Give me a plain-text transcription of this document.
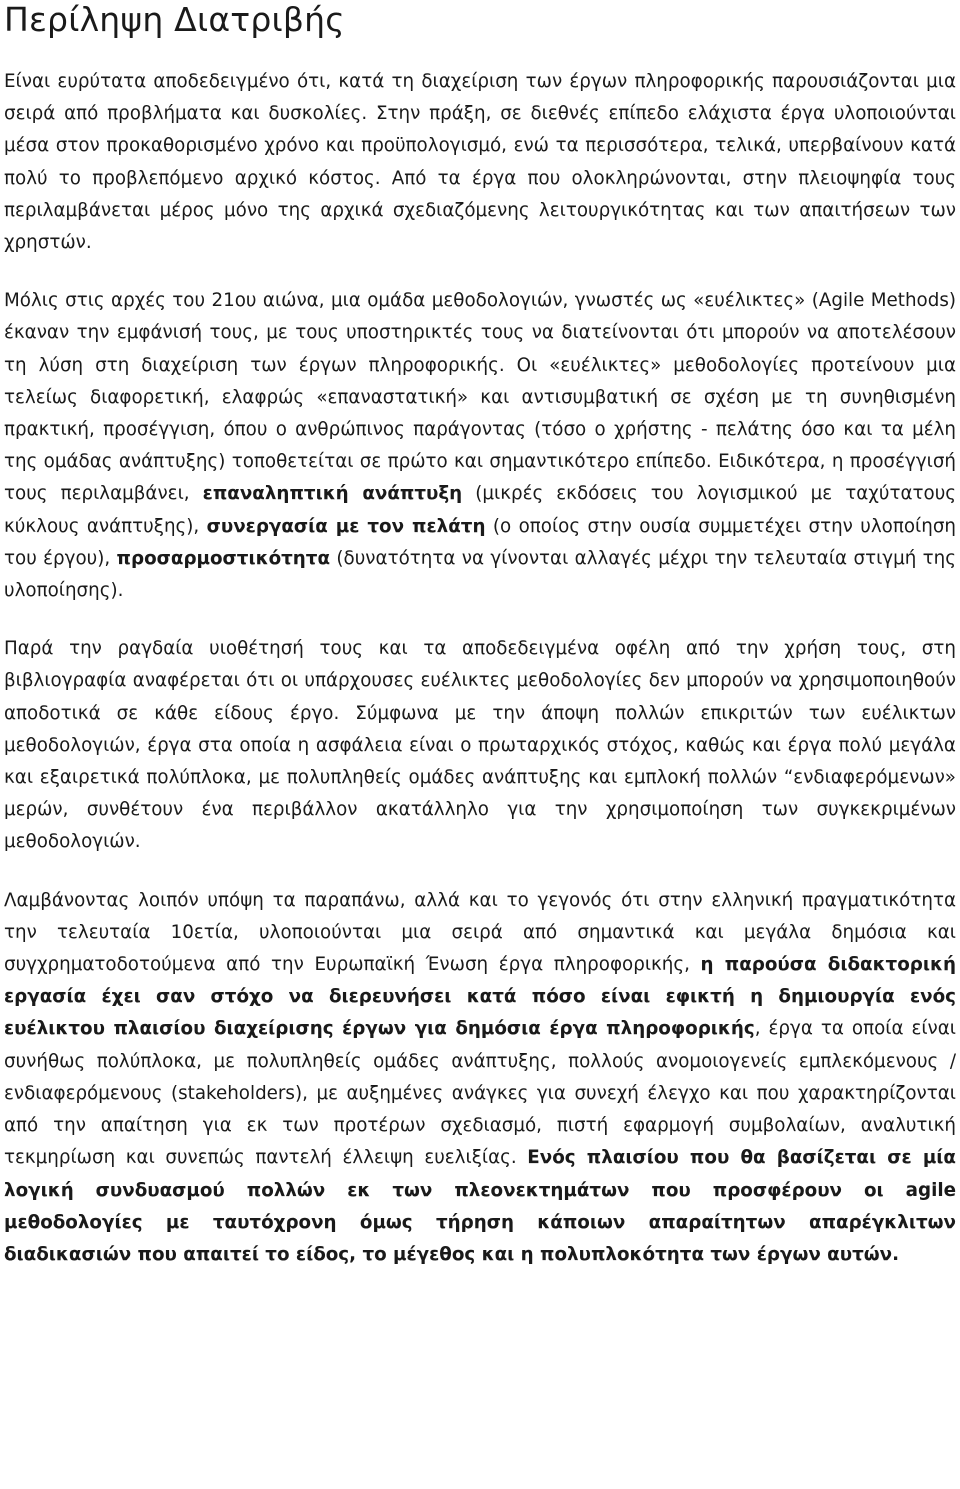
Περίληψη Διατριβής

Είναι ευρύτατα αποδεδειγμένο ότι, κατά τη διαχείριση των έργων πληροφορικής παρουσιάζονται μια σειρά από προβλήματα και δυσκολίες. Στην πράξη, σε διεθνές επίπεδο ελάχιστα έργα υλοποιούνται μέσα στον προκαθορισμένο χρόνο και προϋπολογισμό, ενώ τα περισσότερα, τελικά, υπερβαίνουν κατά πολύ το προβλεπόμενο αρχικό κόστος. Από τα έργα που ολοκληρώνονται, στην πλειοψηφία τους περιλαμβάνεται μέρος μόνο της αρχικά σχεδιαζόμενης λειτουργικότητας και των απαιτήσεων των χρηστών.

Μόλις στις αρχές του 21ου αιώνα, μια ομάδα μεθοδολογιών, γνωστές ως «ευέλικτες» (Agile Methods) έκαναν την εμφάνισή τους, με τους υποστηρικτές τους να διατείνονται ότι μπορούν να αποτελέσουν τη λύση στη διαχείριση των έργων πληροφορικής. Οι «ευέλικτες» μεθοδολογίες προτείνουν μια τελείως διαφορετική, ελαφρώς «επαναστατική» και αντισυμβατική σε σχέση με τη συνηθισμένη πρακτική, προσέγγιση, όπου ο ανθρώπινος παράγοντας (τόσο ο χρήστης - πελάτης όσο και τα μέλη της ομάδας ανάπτυξης) τοποθετείται σε πρώτο και σημαντικότερο επίπεδο. Ειδικότερα, η προσέγγισή τους περιλαμβάνει, επαναληπτική ανάπτυξη (μικρές εκδόσεις του λογισμικού με ταχύτατους κύκλους ανάπτυξης), συνεργασία με τον πελάτη (ο οποίος στην ουσία συμμετέχει στην υλοποίηση του έργου), προσαρμοστικότητα (δυνατότητα να γίνονται αλλαγές μέχρι την τελευταία στιγμή της υλοποίησης).

Παρά την ραγδαία υιοθέτησή τους και τα αποδεδειγμένα οφέλη από την χρήση τους, στη βιβλιογραφία αναφέρεται ότι οι υπάρχουσες ευέλικτες μεθοδολογίες δεν μπορούν να χρησιμοποιηθούν αποδοτικά σε κάθε είδους έργο. Σύμφωνα με την άποψη πολλών επικριτών των ευέλικτων μεθοδολογιών, έργα στα οποία η ασφάλεια είναι ο πρωταρχικός στόχος, καθώς και έργα πολύ μεγάλα και εξαιρετικά πολύπλοκα, με πολυπληθείς ομάδες ανάπτυξης και εμπλοκή πολλών “ενδιαφερόμενων» μερών, συνθέτουν ένα περιβάλλον ακατάλληλο για την χρησιμοποίηση των συγκεκριμένων μεθοδολογιών.

Λαμβάνοντας λοιπόν υπόψη τα παραπάνω, αλλά και το γεγονός ότι στην ελληνική πραγματικότητα την τελευταία 10ετία, υλοποιούνται μια σειρά από σημαντικά και μεγάλα δημόσια και συγχρηματοδοτούμενα από την Ευρωπαϊκή Ένωση έργα πληροφορικής, η παρούσα διδακτορική εργασία έχει σαν στόχο να διερευνήσει κατά πόσο είναι εφικτή η δημιουργία ενός ευέλικτου πλαισίου διαχείρισης έργων για δημόσια έργα πληροφορικής, έργα τα οποία είναι συνήθως πολύπλοκα, με πολυπληθείς ομάδες ανάπτυξης, πολλούς ανομοιογενείς εμπλεκόμενους / ενδιαφερόμενους (stakeholders), με αυξημένες ανάγκες για συνεχή έλεγχο και που χαρακτηρίζονται από την απαίτηση για εκ των προτέρων σχεδιασμό, πιστή εφαρμογή συμβολαίων, αναλυτική τεκμηρίωση και συνεπώς παντελή έλλειψη ευελιξίας. Ενός πλαισίου που θα βασίζεται σε μία λογική συνδυασμού πολλών εκ των πλεονεκτημάτων που προσφέρουν οι agile μεθοδολογίες με ταυτόχρονη όμως τήρηση κάποιων απαραίτητων απαρέγκλιτων διαδικασιών που απαιτεί το είδος, το μέγεθος και η πολυπλοκότητα των έργων αυτών.
